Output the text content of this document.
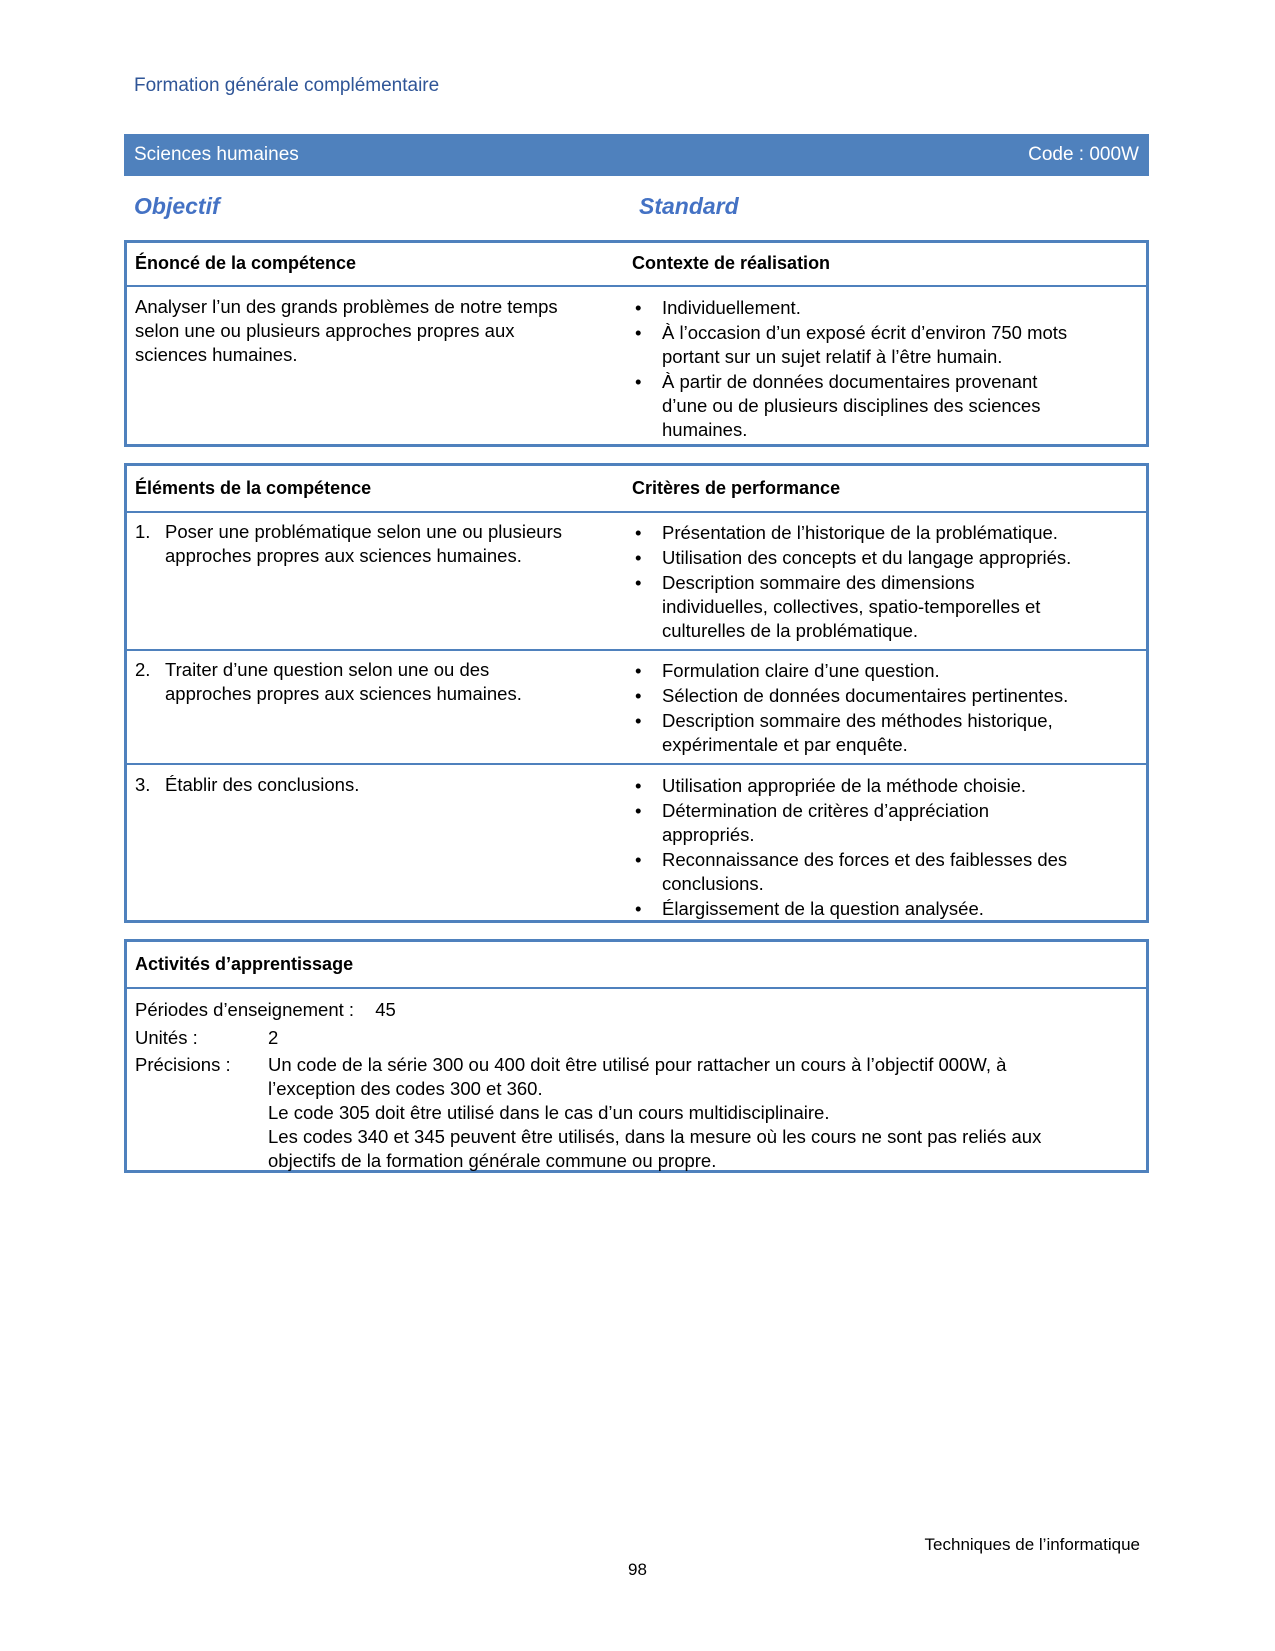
Formation générale complémentaire
Sciences humaines	Code : 000W
Objectif	Standard
Énoncé de la compétence	Contexte de réalisation
Analyser l’un des grands problèmes de notre temps
selon une ou plusieurs approches propres aux
sciences humaines.
• Individuellement.
• À l’occasion d’un exposé écrit d’environ 750 mots
portant sur un sujet relatif à l’être humain.
• À partir de données documentaires provenant
d’une ou de plusieurs disciplines des sciences
humaines.
Éléments de la compétence	Critères de performance
1. Poser une problématique selon une ou plusieurs
approches propres aux sciences humaines.
• Présentation de l’historique de la problématique.
• Utilisation des concepts et du langage appropriés.
• Description sommaire des dimensions
individuelles, collectives, spatio-temporelles et
culturelles de la problématique.
2. Traiter d’une question selon une ou des
approches propres aux sciences humaines.
• Formulation claire d’une question.
• Sélection de données documentaires pertinentes.
• Description sommaire des méthodes historique,
expérimentale et par enquête.
3. Établir des conclusions.
•	Utilisation appropriée de la méthode choisie.
• Détermination de critères d’appréciation
appropriés.
• Reconnaissance des forces et des faiblesses des
conclusions.
• Élargissement de la question analysée.
Activités d’apprentissage
Périodes d’enseignement : 45
Unités :	2
Précisions : Un code de la série 300 ou 400 doit être utilisé pour rattacher un cours à l’objectif 000W, à
l’exception des codes 300 et 360.
Le code 305 doit être utilisé dans le cas d’un cours multidisciplinaire.
Les codes 340 et 345 peuvent être utilisés, dans la mesure où les cours ne sont pas reliés aux
objectifs de la formation générale commune ou propre.
Techniques de l’informatique
98
